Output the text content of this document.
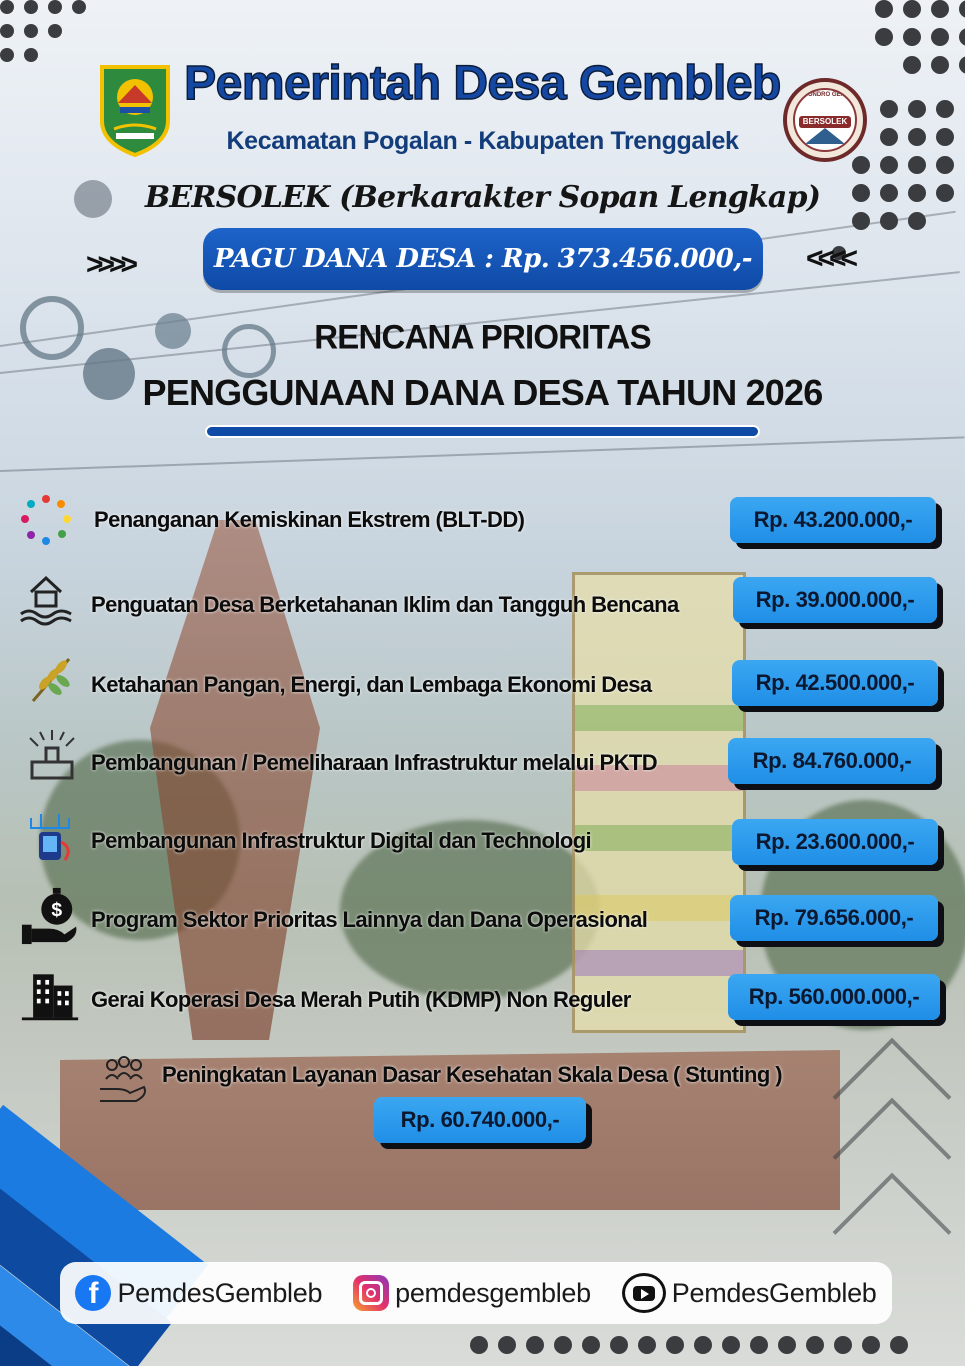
CONDRO GENI
BERSOLEK
Pemerintah Desa Gembleb
Kecamatan Pogalan - Kabupaten Trenggalek
BERSOLEK (Berkarakter Sopan Lengkap)
>>>>	PAGU DANA DESA : Rp. 373.456.000,- <<<<
RENCANA PRIORITAS
PENGGUNAAN DANA DESA TAHUN 2026
Penanganan Kemiskinan Ekstrem (BLT-DD)	Rp. 43.200.000,-
Penguatan Desa Berketahanan Iklim dan Tangguh Bencana	Rp. 39.000.000,-
Ketahanan Pangan, Energi, dan Lembaga Ekonomi Desa	Rp. 42.500.000,-
Pembangunan / Pemeliharaan Infrastruktur melalui PKTD	Rp. 84.760.000,-
Pembangunan Infrastruktur Digital dan Technologi	Rp. 23.600.000,-
$ Program Sektor Prioritas Lainnya dan Dana Operasional	Rp. 79.656.000,-
Gerai Koperasi Desa Merah Putih (KDMP) Non Reguler	Rp. 560.000.000,-
Peningkatan Layanan Dasar Kesehatan Skala Desa ( Stunting )
Rp. 60.740.000,-
f PemdesGembleb	pemdesgembleb	PemdesGembleb
